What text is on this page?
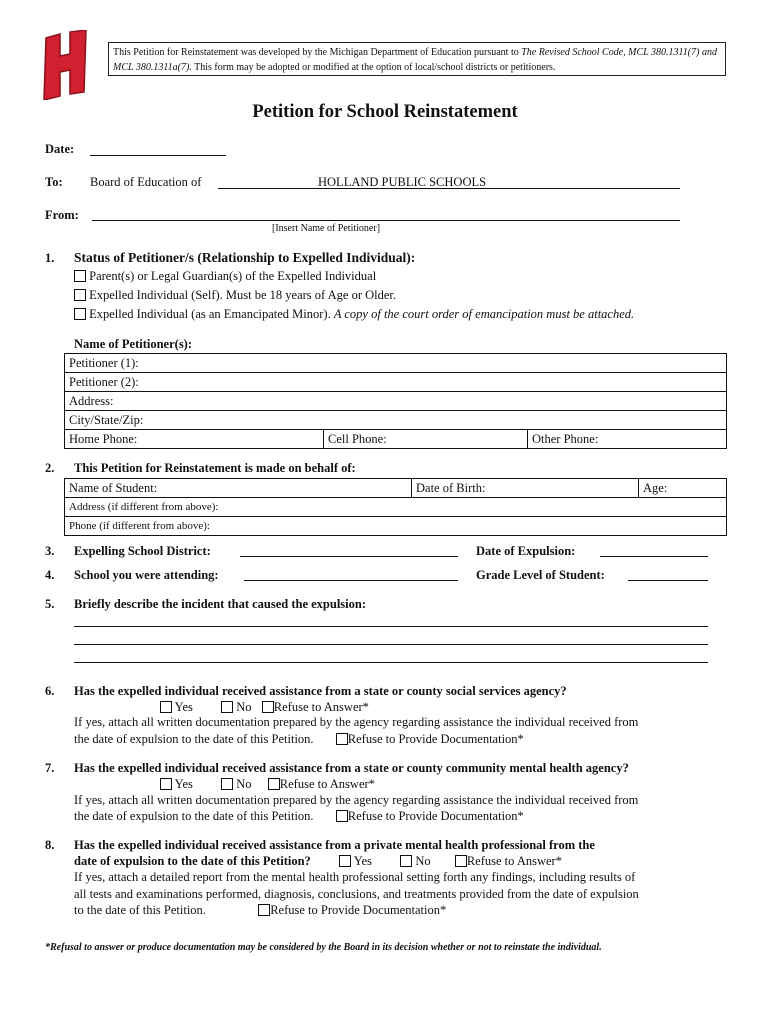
This Petition for Reinstatement was developed by the Michigan Department of Education pursuant to The Revised School Code, MCL 380.1311(7) and MCL 380.1311a(7). This form may be adopted or modified at the option of local/school districts or petitioners.
Petition for School Reinstatement
Date:
To: Board of Education of	HOLLAND PUBLIC SCHOOLS
From:
[Insert Name of Petitioner]
1. Status of Petitioner/s (Relationship to Expelled Individual):
Parent(s) or Legal Guardian(s) of the Expelled Individual
Expelled Individual (Self). Must be 18 years of Age or Older.
Expelled Individual (as an Emancipated Minor). A copy of the court order of emancipation must be attached.
Name of Petitioner(s):
Petitioner (1):
Petitioner (2):
Address:
City/State/Zip:
Home Phone:	Cell Phone:	Other Phone:
2. This Petition for Reinstatement is made on behalf of:
Name of Student:	Date of Birth:	Age:
Address (if different from above):
Phone (if different from above):
3. Expelling School District:	Date of Expulsion:
4. School you were attending:	Grade Level of Student:
5. Briefly describe the incident that caused the expulsion:
6. Has the expelled individual received assistance from a state or county social services agency?
Yes	No Refuse to Answer*
If yes, attach all written documentation prepared by the agency regarding assistance the individual received from
the date of expulsion to the date of this Petition.	Refuse to Provide Documentation*
7. Has the expelled individual received assistance from a state or county community mental health agency?
Yes	No Refuse to Answer*
If yes, attach all written documentation prepared by the agency regarding assistance the individual received from
the date of expulsion to the date of this Petition.	Refuse to Provide Documentation*
8. Has the expelled individual received assistance from a private mental health professional from the
date of expulsion to the date of this Petition?	Yes	No	Refuse to Answer*
If yes, attach a detailed report from the mental health professional setting forth any findings, including results of
all tests and examinations performed, diagnosis, conclusions, and treatments provided from the date of expulsion
to the date of this Petition.	Refuse to Provide Documentation*
*Refusal to answer or produce documentation may be considered by the Board in its decision whether or not to reinstate the individual.
